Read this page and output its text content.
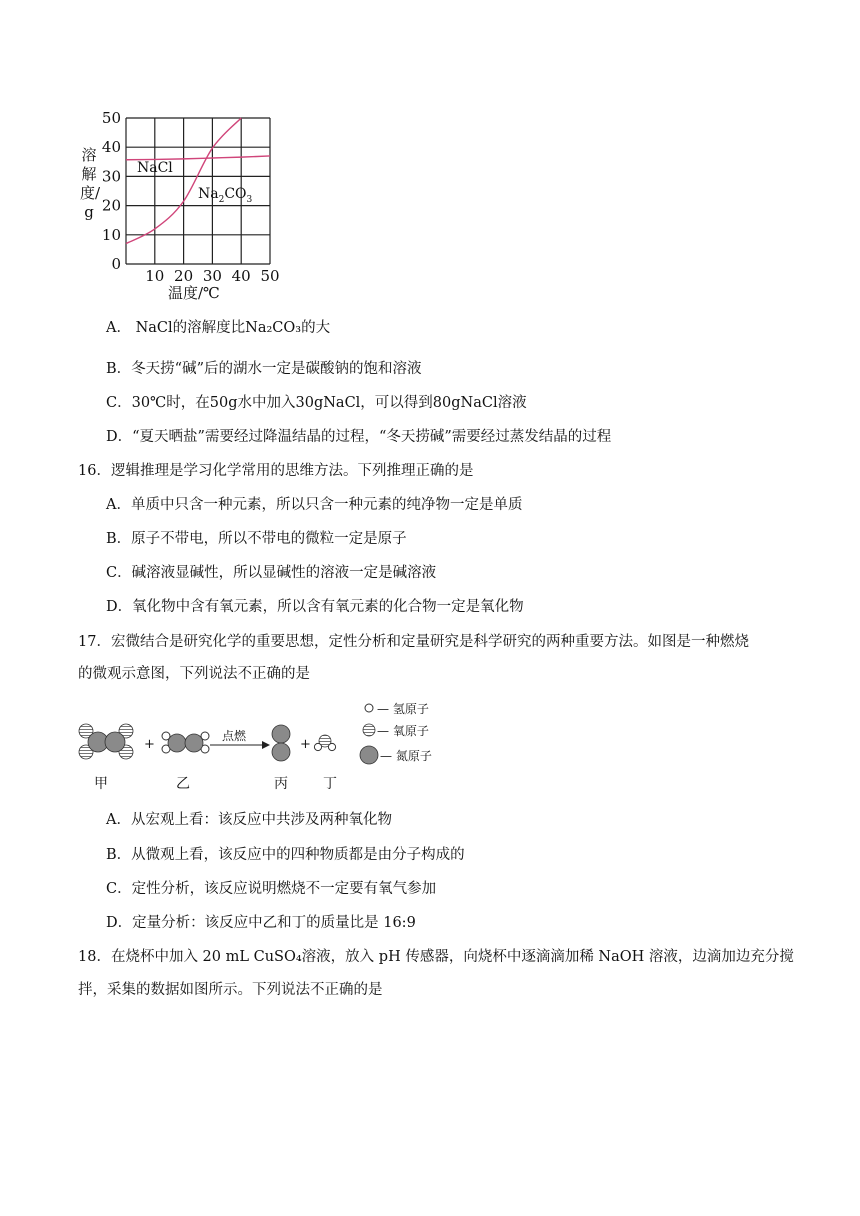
0
10
20
30
40
50
10 20 30 40 50
NaCl
$Na_2CO_3$
温度/℃
溶解度/g
A． NaCl的溶解度比Na₂CO₃的大
B．冬天捞“碱”后的湖水一定是碳酸钠的饱和溶液
C．30℃时，在50g水中加入30gNaCl，可以得到80gNaCl溶液
D．“夏天晒盐”需要经过降温结晶的过程，“冬天捞碱”需要经过蒸发结晶的过程
16．逻辑推理是学习化学常用的思维方法。下列推理正确的是
A．单质中只含一种元素，所以只含一种元素的纯净物一定是单质
B．原子不带电，所以不带电的微粒一定是原子
C．碱溶液显碱性，所以显碱性的溶液一定是碱溶液
D．氧化物中含有氧元素，所以含有氧元素的化合物一定是氧化物
17．宏微结合是研究化学的重要思想，定性分析和定量研究是科学研究的两种重要方法。如图是一种燃烧
的微观示意图，下列说法不正确的是
+
点燃
+
甲	乙	丙	丁
— 氢原子
— 氧原子
— 氮原子
A．从宏观上看：该反应中共涉及两种氧化物
B．从微观上看，该反应中的四种物质都是由分子构成的
C．定性分析，该反应说明燃烧不一定要有氧气参加
D．定量分析：该反应中乙和丁的质量比是 16:9
18．在烧杯中加入 20 mL CuSO₄溶液，放入 pH 传感器，向烧杯中逐滴滴加稀 NaOH 溶液，边滴加边充分搅
拌，采集的数据如图所示。下列说法不正确的是
